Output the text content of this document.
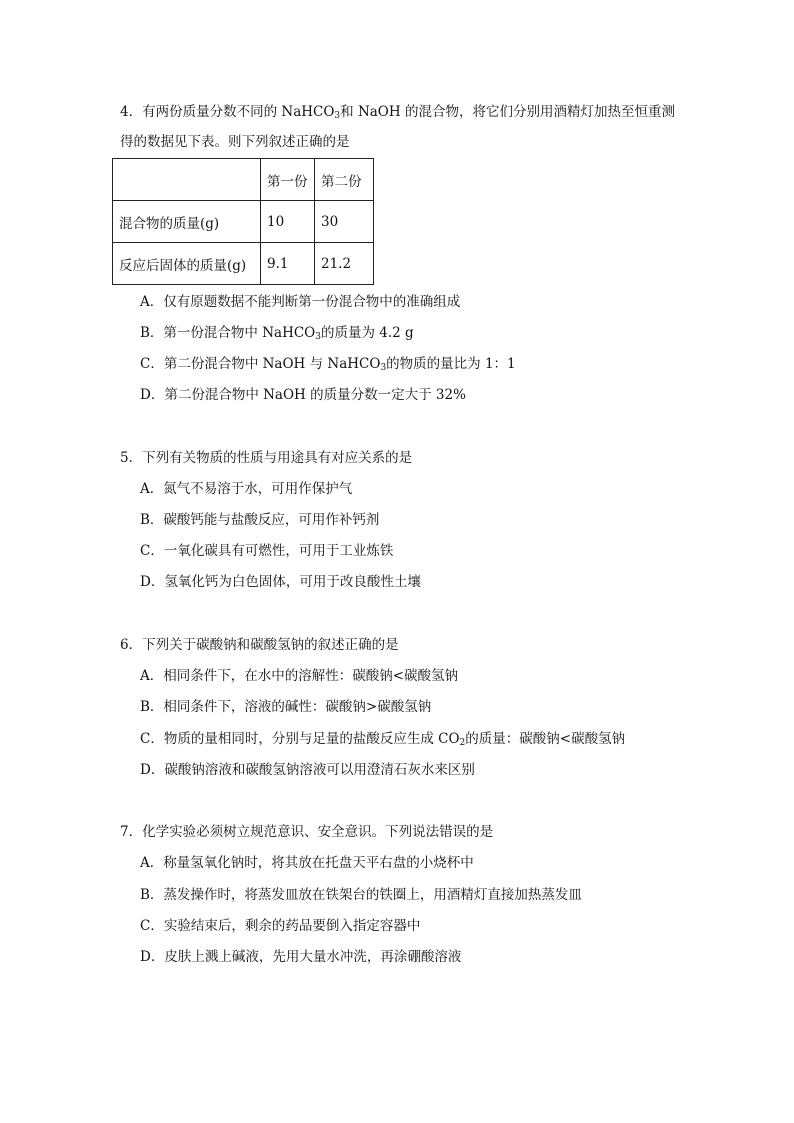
4．有两份质量分数不同的 NaHCO$_3$和 NaOH 的混合物，将它们分别用酒精灯加热至恒重测
得的数据见下表。则下列叙述正确的是
	第一份	第二份
混合物的质量(g)	10	30
反应后固体的质量(g)	9.1	21.2
A．仅有原题数据不能判断第一份混合物中的准确组成
B．第一份混合物中 NaHCO$_3$的质量为 4.2 g
C．第二份混合物中 NaOH 与 NaHCO$_3$的物质的量比为 1：1
D．第二份混合物中 NaOH 的质量分数一定大于 32%
5．下列有关物质的性质与用途具有对应关系的是
A．氮气不易溶于水，可用作保护气
B．碳酸钙能与盐酸反应，可用作补钙剂
C．一氧化碳具有可燃性，可用于工业炼铁
D．氢氧化钙为白色固体，可用于改良酸性土壤
6．下列关于碳酸钠和碳酸氢钠的叙述正确的是
A．相同条件下，在水中的溶解性：碳酸钠<碳酸氢钠
B．相同条件下，溶液的碱性：碳酸钠>碳酸氢钠
C．物质的量相同时，分别与足量的盐酸反应生成 $CO_2$的质量：碳酸钠<碳酸氢钠
D．碳酸钠溶液和碳酸氢钠溶液可以用澄清石灰水来区别
7．化学实验必须树立规范意识、安全意识。下列说法错误的是
A．称量氢氧化钠时，将其放在托盘天平右盘的小烧杯中
B．蒸发操作时，将蒸发皿放在铁架台的铁圈上，用酒精灯直接加热蒸发皿
C．实验结束后，剩余的药品要倒入指定容器中
D．皮肤上溅上碱液，先用大量水冲洗，再涂硼酸溶液
